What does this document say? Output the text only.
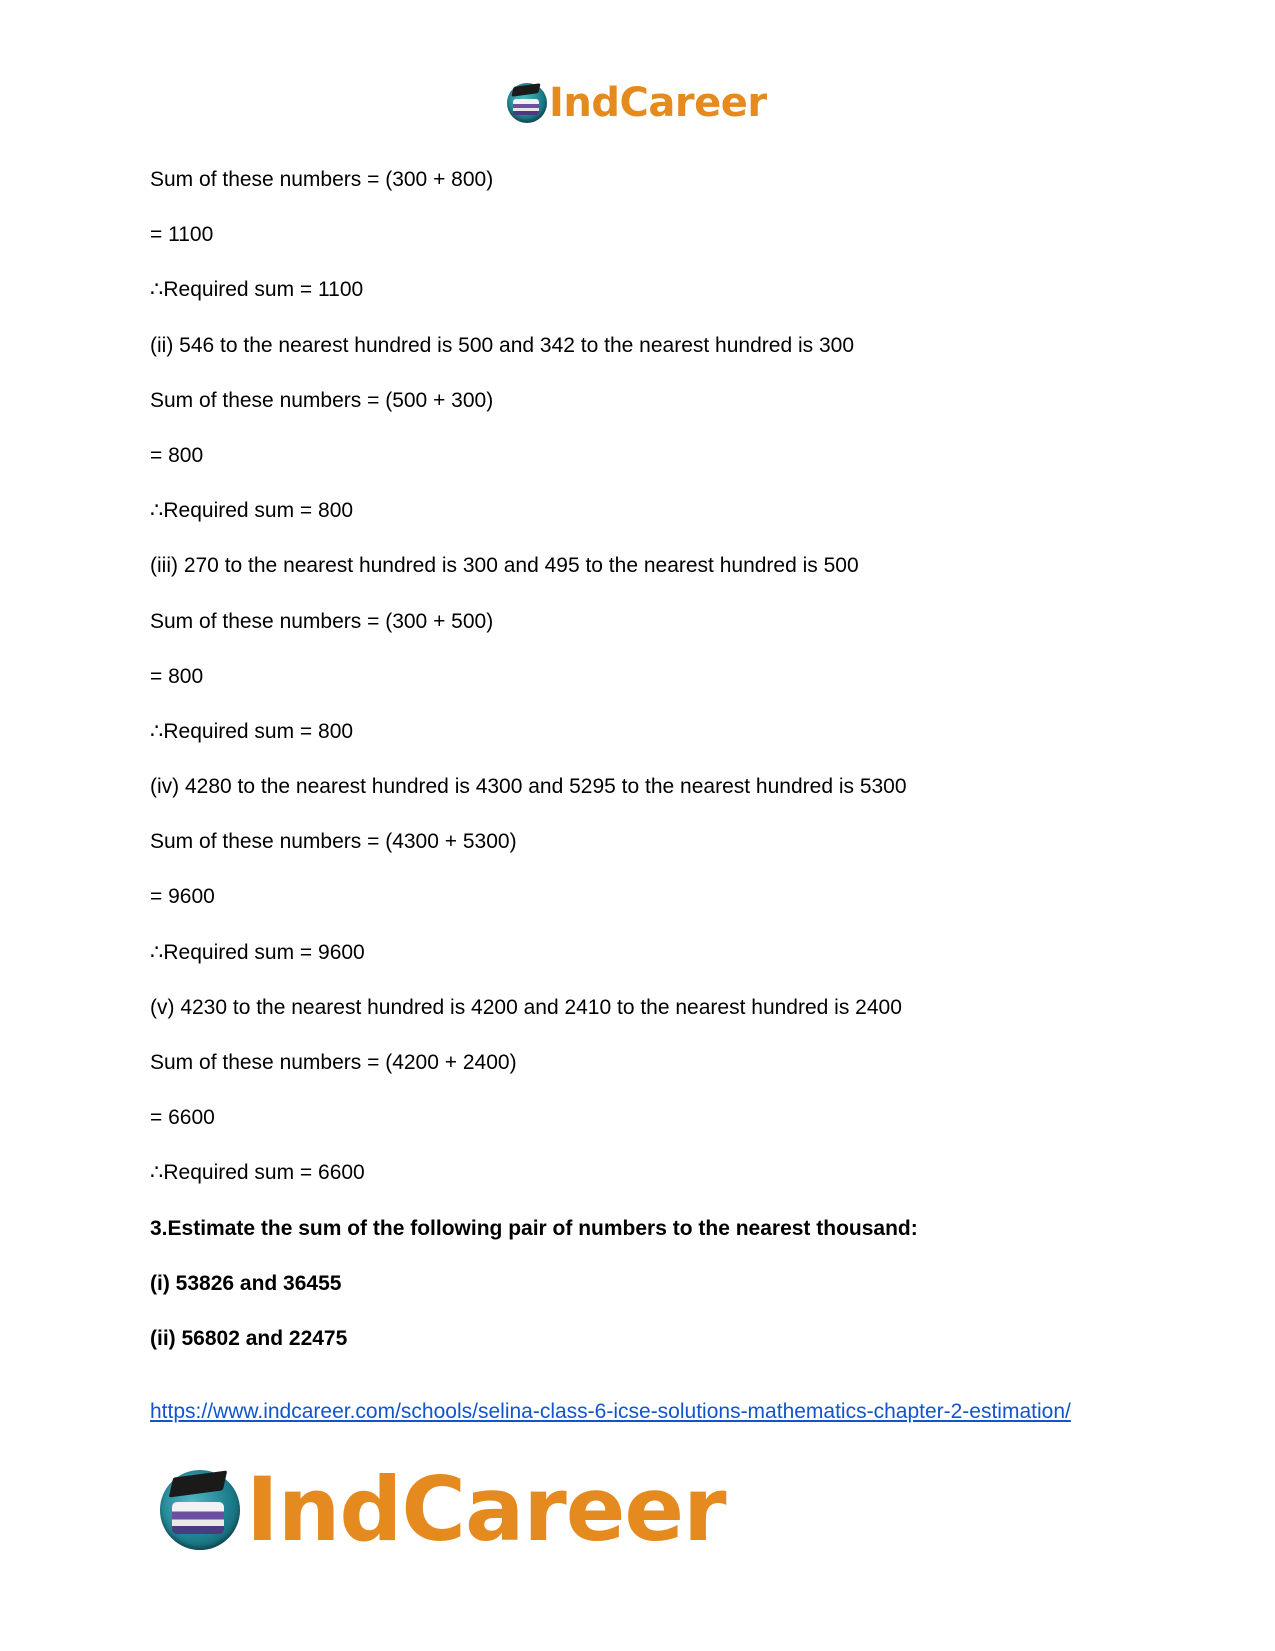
IndCareer
Sum of these numbers = (300 + 800)
= 1100
∴Required sum = 1100
(ii) 546 to the nearest hundred is 500 and 342 to the nearest hundred is 300
Sum of these numbers = (500 + 300)
= 800
∴Required sum = 800
(iii) 270 to the nearest hundred is 300 and 495 to the nearest hundred is 500
Sum of these numbers = (300 + 500)
= 800
∴Required sum = 800
(iv) 4280 to the nearest hundred is 4300 and 5295 to the nearest hundred is 5300
Sum of these numbers = (4300 + 5300)
= 9600
∴Required sum = 9600
(v) 4230 to the nearest hundred is 4200 and 2410 to the nearest hundred is 2400
Sum of these numbers = (4200 + 2400)
= 6600
∴Required sum = 6600
3.Estimate the sum of the following pair of numbers to the nearest thousand:
(i) 53826 and 36455
(ii) 56802 and 22475
https://www.indcareer.com/schools/selina-class-6-icse-solutions-mathematics-chapter-2-estimation/
IndCareer
